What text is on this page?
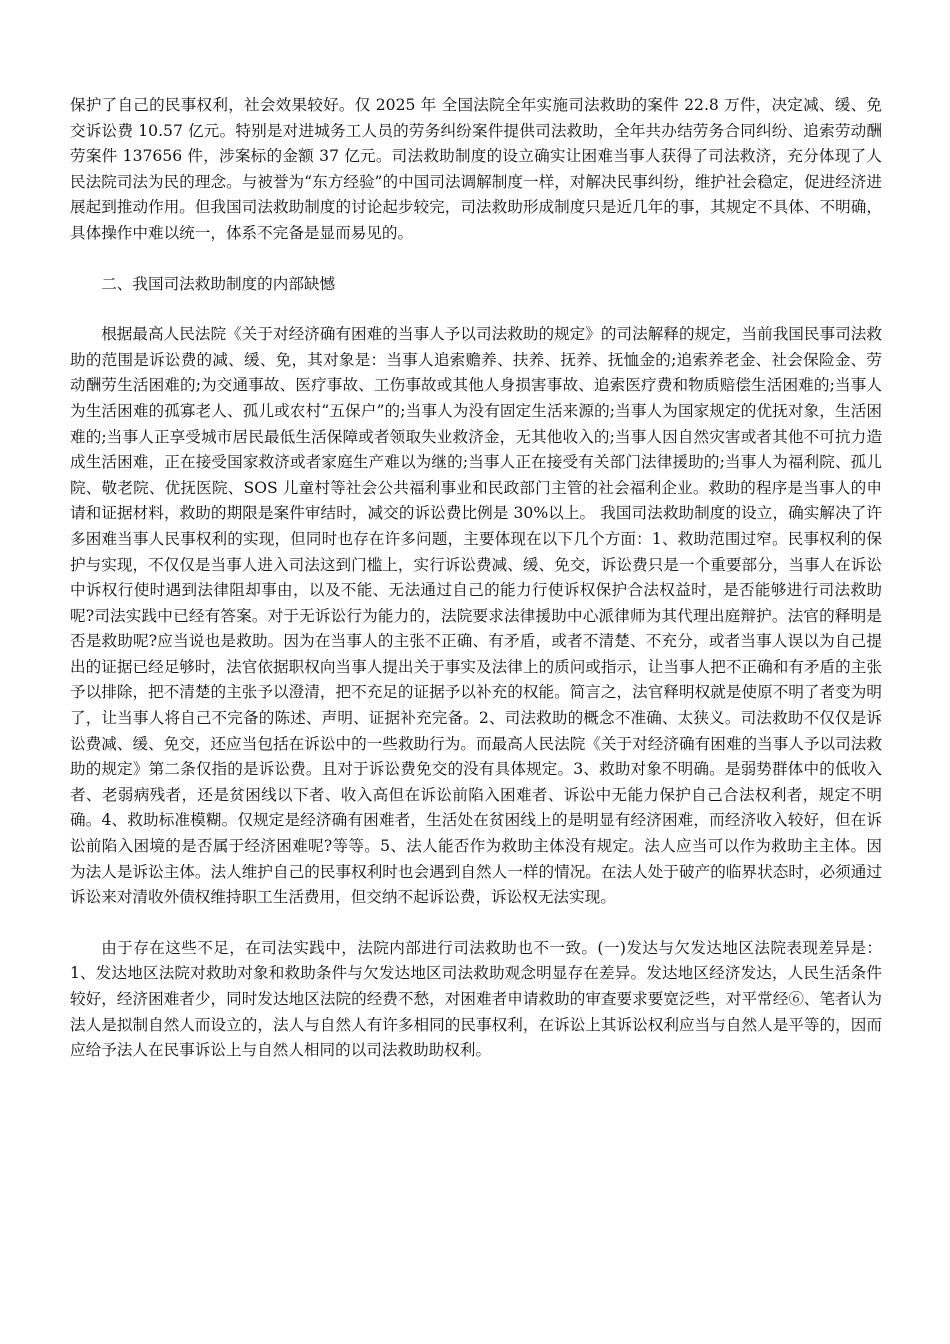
保护了自己的民事权利，社会效果较好。仅 2025 年 全国法院全年实施司法救助的案件 22.8 万件，决定减、缓、免交诉讼费 10.57 亿元。特别是对进城务工人员的劳务纠纷案件提供司法救助，全年共办结劳务合同纠纷、追索劳动酬劳案件 137656 件，涉案标的金额 37 亿元。司法救助制度的设立确实让困难当事人获得了司法救济，充分体现了人民法院司法为民的理念。与被誉为“东方经验”的中国司法调解制度一样，对解决民事纠纷，维护社会稳定，促进经济进展起到推动作用。但我国司法救助制度的讨论起步较完，司法救助形成制度只是近几年的事，其规定不具体、不明确，具体操作中难以统一，体系不完备是显而易见的。

二、我国司法救助制度的内部缺憾

根据最高人民法院《关于对经济确有困难的当事人予以司法救助的规定》的司法解释的规定，当前我国民事司法救助的范围是诉讼费的减、缓、免，其对象是：当事人追索赡养、扶养、抚养、抚恤金的;追索养老金、社会保险金、劳动酬劳生活困难的;为交通事故、医疗事故、工伤事故或其他人身损害事故、追索医疗费和物质赔偿生活困难的;当事人为生活困难的孤寡老人、孤儿或农村“五保户”的;当事人为没有固定生活来源的;当事人为国家规定的优抚对象，生活困难的;当事人正享受城市居民最低生活保障或者领取失业救济金，无其他收入的;当事人因自然灾害或者其他不可抗力造成生活困难，正在接受国家救济或者家庭生产难以为继的;当事人正在接受有关部门法律援助的;当事人为福利院、孤儿院、敬老院、优抚医院、SOS 儿童村等社会公共福利事业和民政部门主管的社会福利企业。救助的程序是当事人的申请和证据材料，救助的期限是案件审结时，减交的诉讼费比例是 30%以上。 我国司法救助制度的设立，确实解决了许多困难当事人民事权利的实现，但同时也存在许多问题，主要体现在以下几个方面：1、救助范围过窄。民事权利的保护与实现，不仅仅是当事人进入司法这到门槛上，实行诉讼费减、缓、免交，诉讼费只是一个重要部分，当事人在诉讼中诉权行使时遇到法律阻却事由，以及不能、无法通过自己的能力行使诉权保护合法权益时，是否能够进行司法救助呢?司法实践中已经有答案。对于无诉讼行为能力的，法院要求法律援助中心派律师为其代理出庭辩护。法官的释明是否是救助呢?应当说也是救助。因为在当事人的主张不正确、有矛盾，或者不清楚、不充分，或者当事人误以为自己提出的证据已经足够时，法官依据职权向当事人提出关于事实及法律上的质问或指示，让当事人把不正确和有矛盾的主张予以排除，把不清楚的主张予以澄清，把不充足的证据予以补充的权能。简言之，法官释明权就是使原不明了者变为明了，让当事人将自己不完备的陈述、声明、证据补充完备。2、司法救助的概念不准确、太狭义。司法救助不仅仅是诉讼费减、缓、免交，还应当包括在诉讼中的一些救助行为。而最高人民法院《关于对经济确有困难的当事人予以司法救助的规定》第二条仅指的是诉讼费。且对于诉讼费免交的没有具体规定。3、救助对象不明确。是弱势群体中的低收入者、老弱病残者，还是贫困线以下者、收入高但在诉讼前陷入困难者、诉讼中无能力保护自己合法权利者，规定不明确。4、救助标准模糊。仅规定是经济确有困难者，生活处在贫困线上的是明显有经济困难，而经济收入较好，但在诉讼前陷入困境的是否属于经济困难呢?等等。5、法人能否作为救助主体没有规定。法人应当可以作为救助主主体。因为法人是诉讼主体。法人维护自己的民事权利时也会遇到自然人一样的情况。在法人处于破产的临界状态时，必须通过诉讼来对清收外债权维持职工生活费用，但交纳不起诉讼费，诉讼权无法实现。

由于存在这些不足，在司法实践中，法院内部进行司法救助也不一致。(一)发达与欠发达地区法院表现差异是：1、发达地区法院对救助对象和救助条件与欠发达地区司法救助观念明显存在差异。发达地区经济发达，人民生活条件较好，经济困难者少，同时发达地区法院的经费不愁，对困难者申请救助的审查要求要宽泛些，对平常经⑥、笔者认为法人是拟制自然人而设立的，法人与自然人有许多相同的民事权利，在诉讼上其诉讼权利应当与自然人是平等的，因而应给予法人在民事诉讼上与自然人相同的以司法救助助权利。
